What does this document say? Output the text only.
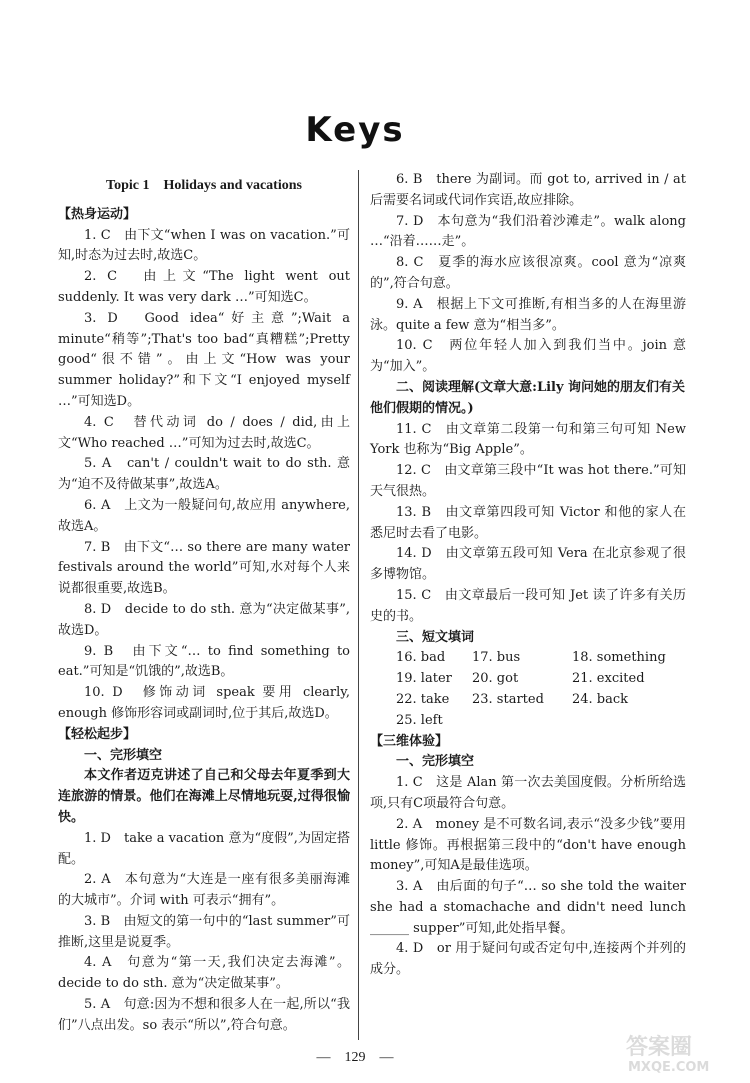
Keys
Topic 1　Holidays and vacations

【热身运动】

1. C　由下文“when I was on vacation.”可知,时态为过去时,故选C。

2. C　由上文“The light went out suddenly. It was very dark …”可知选C。

3. D　Good idea“好主意”;Wait a minute“稍等”;That's too bad“真糟糕”;Pretty good“很不错”。由上文“How was your summer holiday?”和下文“I enjoyed myself …”可知选D。

4. C　替代动词 do / does / did,由上文“Who reached …”可知为过去时,故选C。

5. A　can't / couldn't wait to do sth. 意为“迫不及待做某事”,故选A。

6. A　上文为一般疑问句,故应用 anywhere,故选A。

7. B　由下文“… so there are many water festivals around the world”可知,水对每个人来说都很重要,故选B。

8. D　decide to do sth. 意为“决定做某事”,故选D。

9. B　由下文“… to find something to eat.”可知是“饥饿的”,故选B。

10. D　修饰动词 speak 要用 clearly, enough 修饰形容词或副词时,位于其后,故选D。

【轻松起步】

一、完形填空

本文作者迈克讲述了自己和父母去年夏季到大连旅游的情景。他们在海滩上尽情地玩耍,过得很愉快。

1. D　take a vacation 意为“度假”,为固定搭配。

2. A　本句意为“大连是一座有很多美丽海滩的大城市”。介词 with 可表示“拥有”。

3. B　由短文的第一句中的“last summer”可推断,这里是说夏季。

4. A　句意为“第一天,我们决定去海滩”。decide to do sth. 意为“决定做某事”。

5. A　句意:因为不想和很多人在一起,所以“我们”八点出发。so 表示“所以”,符合句意。

6. B　there 为副词。而 got to, arrived in / at 后需要名词或代词作宾语,故应排除。

7. D　本句意为“我们沿着沙滩走”。walk along …“沿着……走”。

8. C　夏季的海水应该很凉爽。cool 意为“凉爽的”,符合句意。

9. A　根据上下文可推断,有相当多的人在海里游泳。quite a few 意为“相当多”。

10. C　两位年轻人加入到我们当中。join 意为“加入”。

二、阅读理解(文章大意:Lily 询问她的朋友们有关他们假期的情况。)

11. C　由文章第二段第一句和第三句可知 New York 也称为“Big Apple”。

12. C　由文章第三段中“It was hot there.”可知天气很热。

13. B　由文章第四段可知 Victor 和他的家人在悉尼时去看了电影。

14. D　由文章第五段可知 Vera 在北京参观了很多博物馆。

15. C　由文章最后一段可知 Jet 读了许多有关历史的书。

三、短文填词

16. bad	17. bus	18. something
19. later	20. got	21. excited
22. take	23. started	24. back
25. left

【三维体验】

一、完形填空

1. C　这是 Alan 第一次去美国度假。分析所给选项,只有C项最符合句意。

2. A　money 是不可数名词,表示“没多少钱”要用 little 修饰。再根据第三段中的“don't have enough money”,可知A是最佳选项。

3. A　由后面的句子“… so she told the waiter she had a stomachache and didn't need lunch ______ supper”可知,此处指早餐。

4. D　or 用于疑问句或否定句中,连接两个并列的成分。

—　129　—	答案圈
MXQE.COM
